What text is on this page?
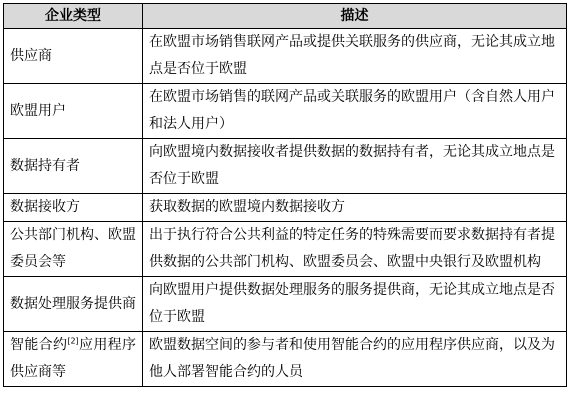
企业类型	描述
供应商	在欧盟市场销售联网产品或提供关联服务的供应商，无论其成立地点是否位于欧盟
欧盟用户	在欧盟市场销售的联网产品或关联服务的欧盟用户（含自然人用户和法人用户）
数据持有者	向欧盟境内数据接收者提供数据的数据持有者，无论其成立地点是否位于欧盟
数据接收方	获取数据的欧盟境内数据接收方
公共部门机构、欧盟委员会等	出于执行符合公共利益的特定任务的特殊需要而要求数据持有者提供数据的公共部门机构、欧盟委员会、欧盟中央银行及欧盟机构
数据处理服务提供商	向欧盟用户提供数据处理服务的服务提供商，无论其成立地点是否位于欧盟
智能合约[2]应用程序供应商等	欧盟数据空间的参与者和使用智能合约的应用程序供应商，以及为他人部署智能合约的人员
